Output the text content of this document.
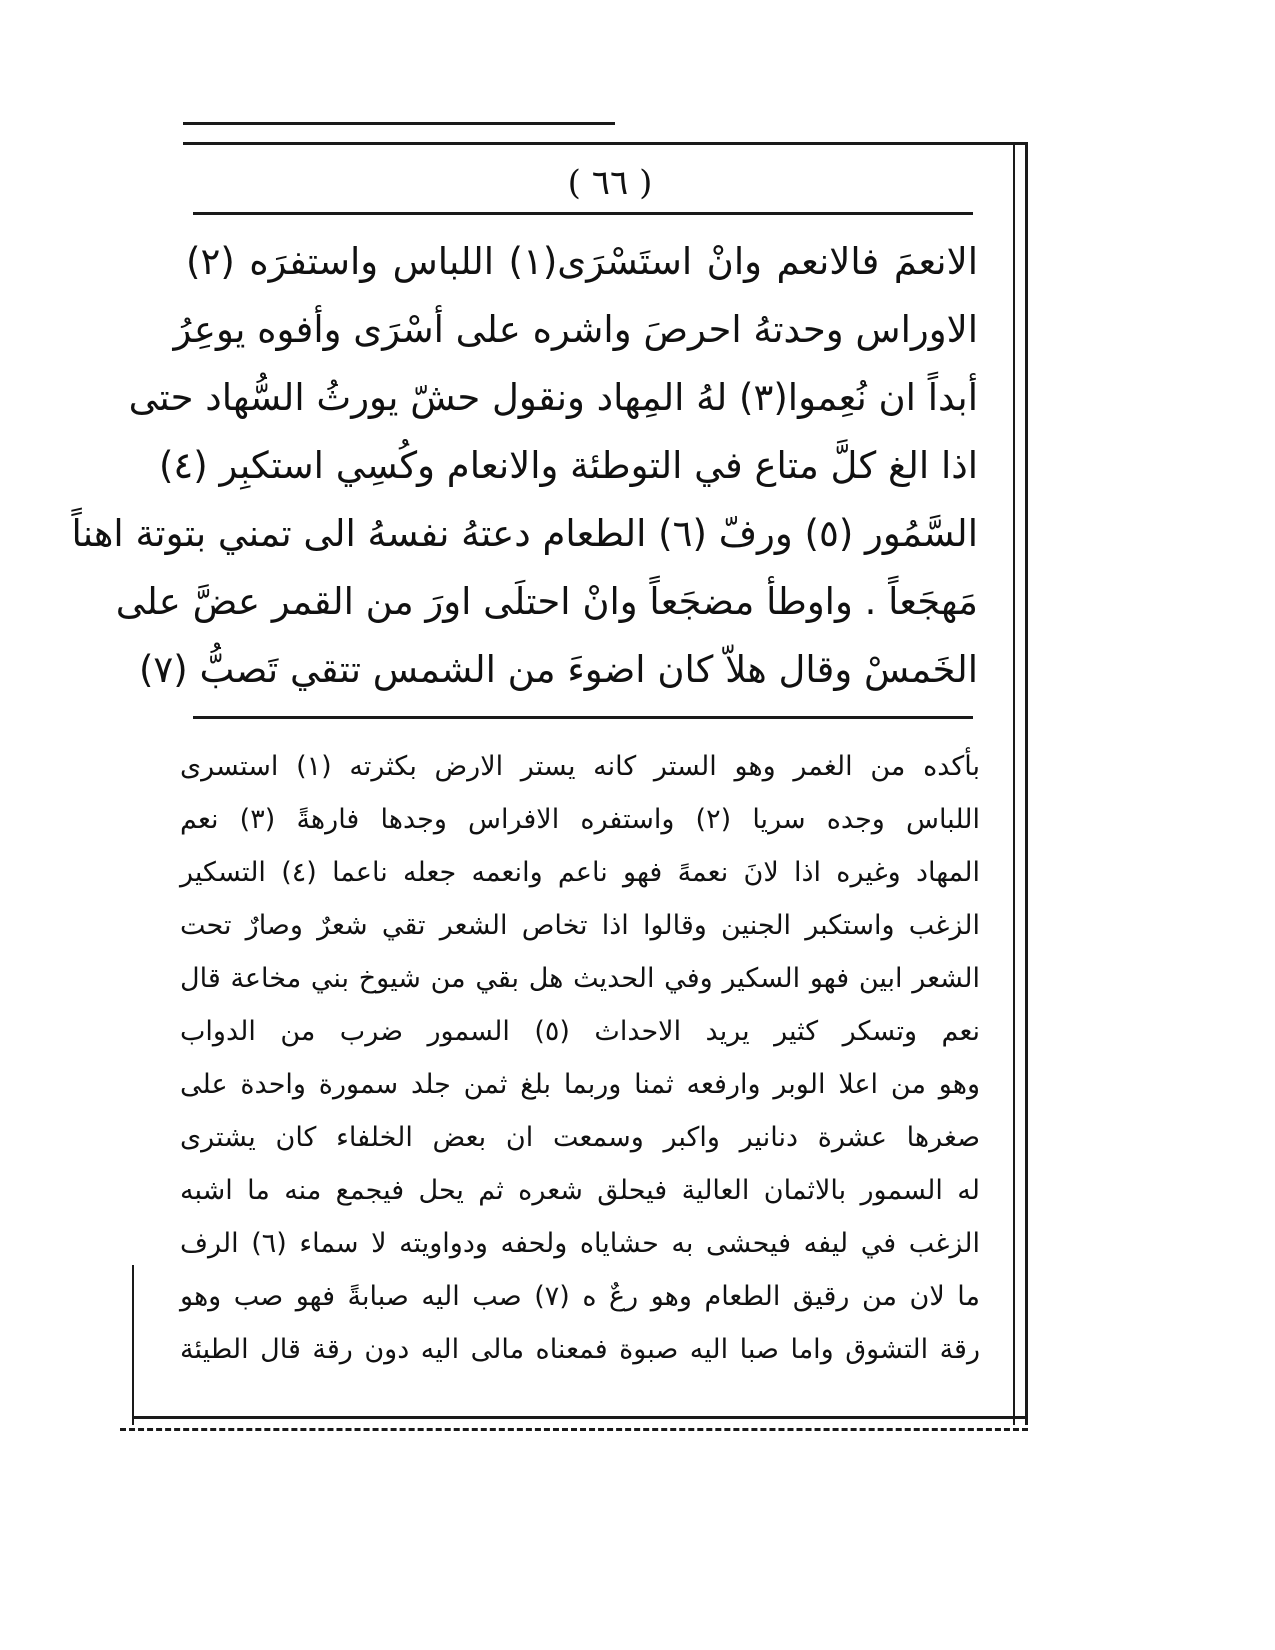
( ٦٦ )
الانعمَ فالانعم وانْ استَسْرَى(١) اللباس واستفرَه (٢)
الاوراس وحدتهُ احرصَ واشره على أسْرَى وأفوه يوعِرُ
أبداً ان نُعِموا(٣) لهُ المِهاد ونقول حشّ يورثُ السُّهاد حتى
اذا الغ كلَّ متاع في التوطئة والانعام وكُسِي استكبِر (٤)
السَّمُور (٥) ورفّ (٦) الطعام دعتهُ نفسهُ الى تمني بتوتة اهناً
مَهجَعاً . واوطأ مضجَعاً وانْ احتلَى اورَ من القمر عضَّ على
الخَمسْ وقال هلاّ كان اضوءَ من الشمس تتقي تَصبُّ (٧)
بأكده من الغمر وهو الستر كانه يستر الارض بكثرته (١) استسرى
اللباس وجده سريا (٢) واستفره الافراس وجدها فارهةً (٣) نعم
المهاد وغيره اذا لانَ نعمهً فهو ناعم وانعمه جعله ناعما (٤) التسكير
الزغب واستكبر الجنين وقالوا اذا تخاص الشعر تقي شعرٌ وصارٌ تحت
الشعر ابين فهو السكير وفي الحديث هل بقي من شيوخ بني مخاعة قال
نعم وتسكر كثير يريد الاحداث (٥) السمور ضرب من الدواب
وهو من اعلا الوبر وارفعه ثمنا وربما بلغ ثمن جلد سمورة واحدة على
صغرها عشرة دنانير واكبر وسمعت ان بعض الخلفاء كان يشترى
له السمور بالاثمان العالية فيحلق شعره ثم يحل فيجمع منه ما اشبه
الزغب في ليفه فيحشى به حشاياه ولحفه ودواويته لا سماء (٦) الرف
ما لان من رقيق الطعام وهو رعٌ ه (٧) صب اليه صبابةً فهو صب وهو
رقة التشوق واما صبا اليه صبوة فمعناه مالى اليه دون رقة قال الطيئة
